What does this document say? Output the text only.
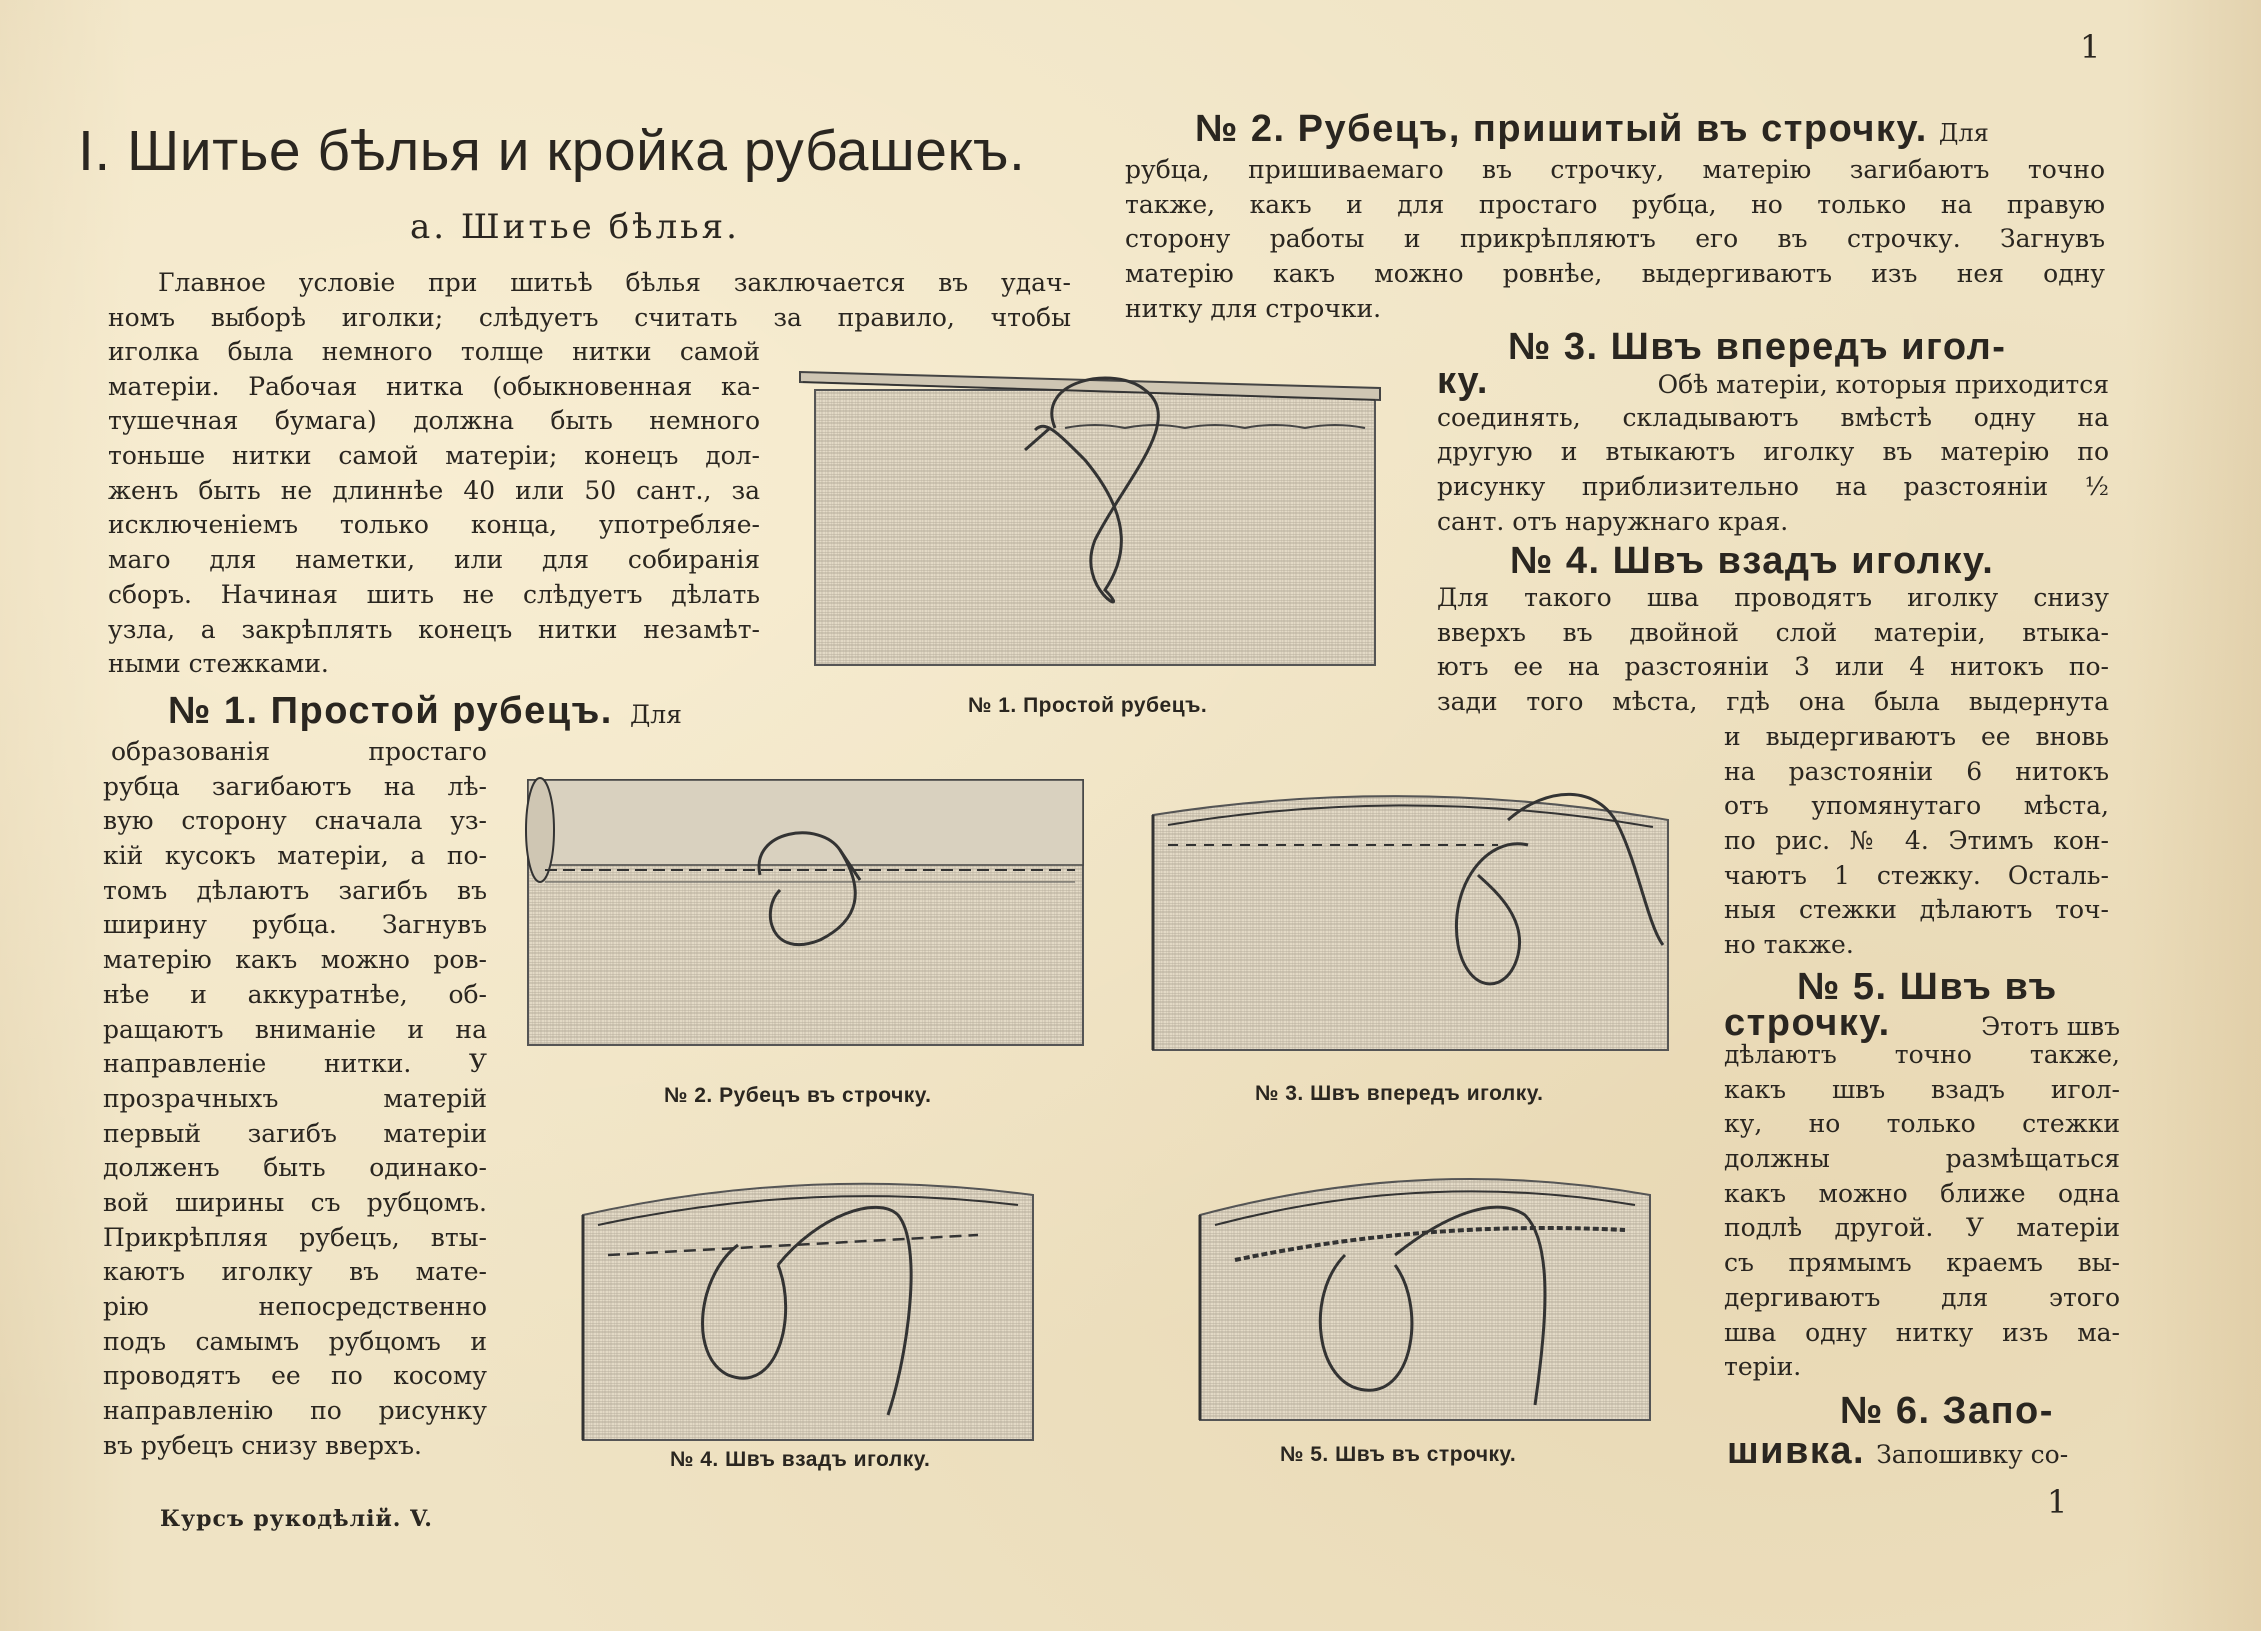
1
1
I. Шитье бѣлья и кройка рубашекъ.
а. Шитье бѣлья.
Главное условіе при шитьѣ бѣлья заключается въ удач-
номъ выборѣ иголки; слѣдуетъ считать за правило, чтобы
иголка была немного толще нитки самой
матеріи. Рабочая нитка (обыкновенная ка-
тушечная бумага) должна быть немного
тоньше нитки самой матеріи; конецъ дол-
женъ быть не длиннѣе 40 или 50 сант., за
исключеніемъ только конца, употребляе-
маго для наметки, или для собиранія
сборъ. Начиная шить не слѣдуетъ дѣлать
узла, а закрѣплять конецъ нитки незамѣт-
ными стежками.
№ 1. Простой рубецъ. Для
образованія простаго
рубца загибаютъ на лѣ-
вую сторону сначала уз-
кій кусокъ матеріи, а по-
томъ дѣлаютъ загибъ въ
ширину рубца. Загнувъ
матерію какъ можно ров-
нѣе и аккуратнѣе, об-
ращаютъ вниманіе и на
направленіе нитки. У
прозрачныхъ матерій
первый загибъ матеріи
долженъ быть одинако-
вой ширины съ рубцомъ.
Прикрѣпляя рубецъ, вты-
каютъ иголку въ мате-
рію непосредственно
подъ самымъ рубцомъ и
проводятъ ее по косому
направленію по рисунку
въ рубецъ снизу вверхъ.
№ 2. Рубецъ, пришитый въ строчку. Для
рубца, пришиваемаго въ строчку, матерію загибаютъ точно
также, какъ и для простаго рубца, но только на правую
сторону работы и прикрѣпляютъ его въ строчку. Загнувъ
матерію какъ можно ровнѣе, выдергиваютъ изъ нея одну
нитку для строчки.
№ 3. Швъ впередъ игол-
ку.	Обѣ матеріи, которыя приходится
соединять, складываютъ вмѣстѣ одну на
другую и втыкаютъ иголку въ матерію по
рисунку приблизительно на разстояніи ½
сант. отъ наружнаго края.
№ 4. Швъ взадъ иголку.
Для такого шва проводятъ иголку снизу
вверхъ въ двойной слой матеріи, втыка-
ютъ ее на разстояніи 3 или 4 нитокъ по-
зади того мѣста, гдѣ она была выдернута
и выдергиваютъ ее вновь
на разстояніи 6 нитокъ
отъ упомянутаго мѣста,
по рис. № 4. Этимъ кон-
чаютъ 1 стежку. Осталь-
ныя стежки дѣлаютъ точ-
но также.
№ 5. Швъ въ
строчку.	Этотъ швъ
дѣлаютъ точно также,
какъ швъ взадъ игол-
ку, но только стежки
должны размѣщаться
какъ можно ближе одна
подлѣ другой. У матеріи
съ прямымъ краемъ вы-
дергиваютъ для этого
шва одну нитку изъ ма-
теріи.
№ 6. Запо-
шивка. Запошивку со-
№ 1. Простой рубецъ.
№ 2. Рубецъ въ строчку.	№ 3. Швъ впередъ иголку.
№ 4. Швъ взадъ иголку.	№ 5. Швъ въ строчку.
Курсъ рукодѣлій. V.
